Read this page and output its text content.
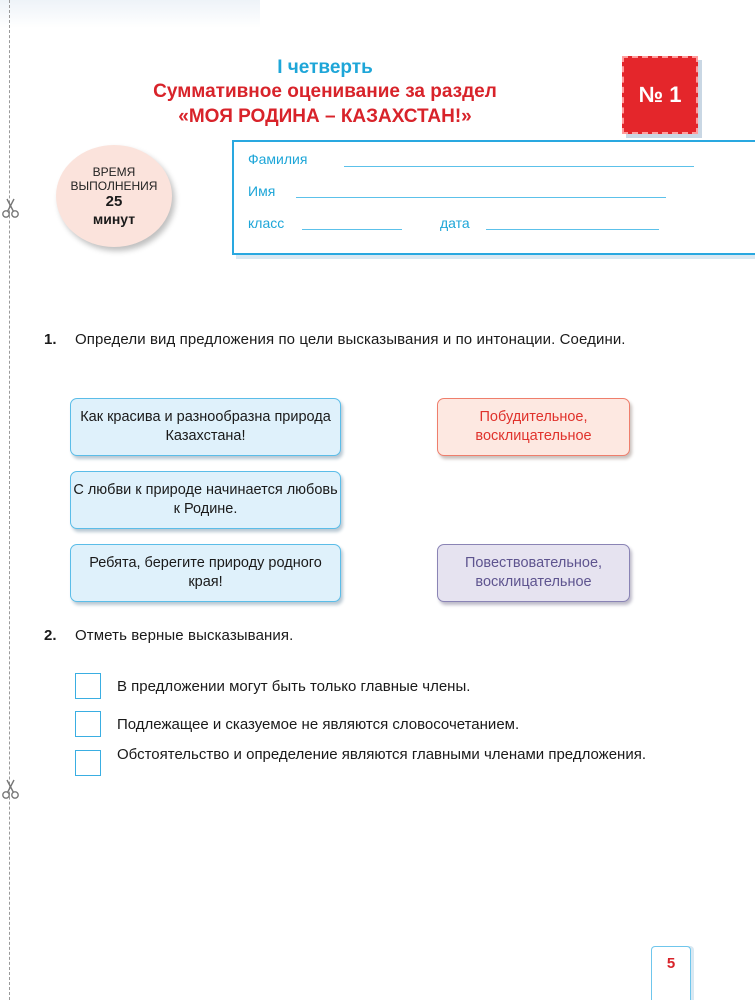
I четверть
Суммативное оценивание за раздел
«МОЯ РОДИНА – КАЗАХСТАН!»
№ 1
ВРЕМЯ
ВЫПОЛНЕНИЯ
25
минут
Фамилия
Имя
класс	дата
1. Определи вид предложения по цели высказывания и по интонации. Соедини.
Как красива и разнообразна природа Казахстана!
С любви к природе начинается любовь к Родине.
Ребята, берегите природу родного края!
Побудительное, восклицательное
Повествовательное, восклицательное
2. Отметь верные высказывания.
В предложении могут быть только главные члены.
Подлежащее и сказуемое не являются словосочетанием.
Обстоятельство и определение являются главными членами предложения.
5
